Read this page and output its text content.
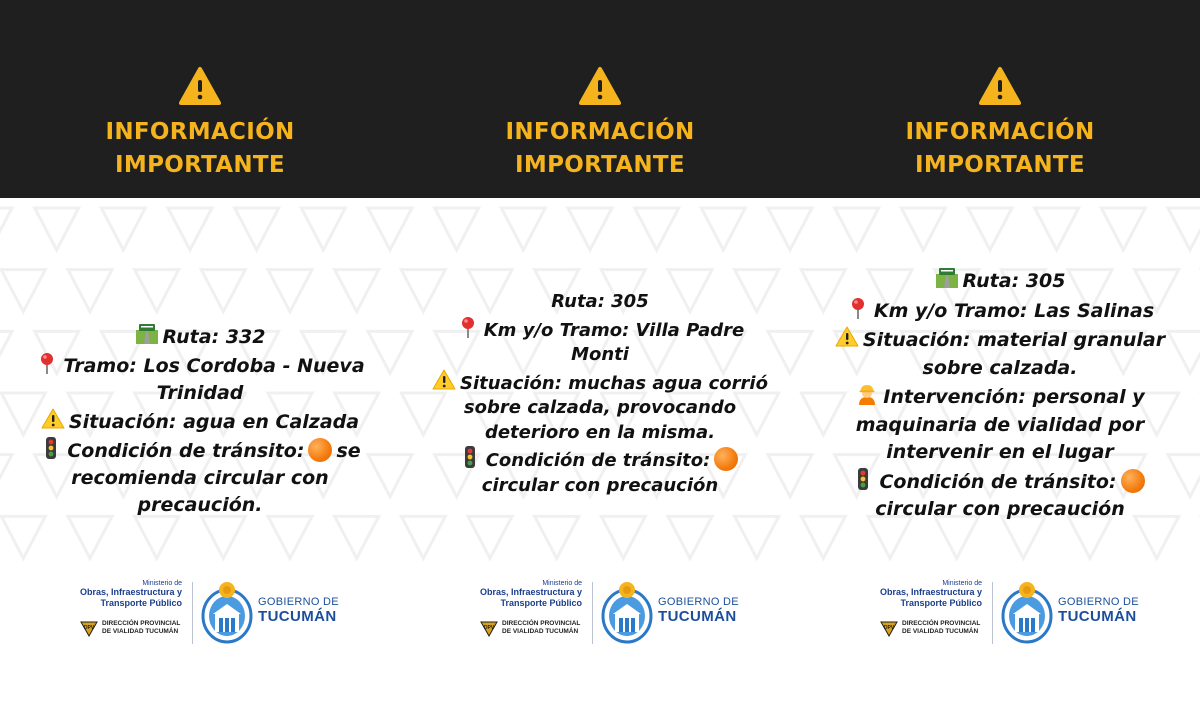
INFORMACIÓN
IMPORTANTE
Ruta: 332
Tramo: Los Cordoba - Nueva
Trinidad
Situación: agua en Calzada
Condición de tránsito: se
recomienda circular con
precaución.
Ministerio de
Obras, Infraestructura y
Transporte Público
DPV
DIRECCIÓN PROVINCIAL
DE VIALIDAD TUCUMÁN
GOBIERNO DE
TUCUMÁN
INFORMACIÓN
IMPORTANTE
Ruta: 305
Km y/o Tramo: Villa Padre
Monti
Situación: muchas agua corrió
sobre calzada, provocando
deterioro en la misma.
Condición de tránsito:
circular con precaución
Ministerio de
Obras, Infraestructura y
Transporte Público
DPV
DIRECCIÓN PROVINCIAL
DE VIALIDAD TUCUMÁN
GOBIERNO DE
TUCUMÁN
INFORMACIÓN
IMPORTANTE
Ruta: 305
Km y/o Tramo: Las Salinas
Situación: material granular
sobre calzada.
Intervención: personal y
maquinaria de vialidad por
intervenir en el lugar
Condición de tránsito:
circular con precaución
Ministerio de
Obras, Infraestructura y
Transporte Público
DPV
DIRECCIÓN PROVINCIAL
DE VIALIDAD TUCUMÁN
GOBIERNO DE
TUCUMÁN
